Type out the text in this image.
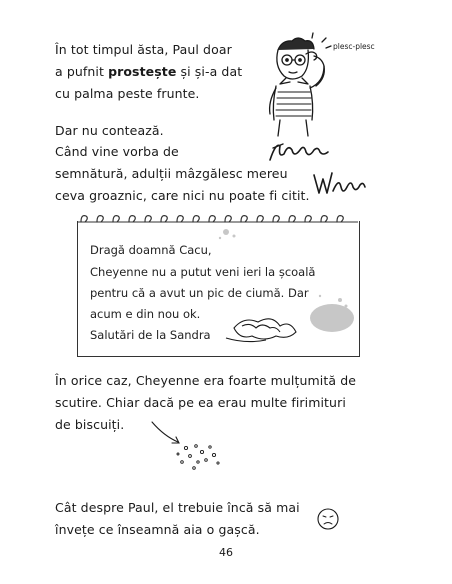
În tot timpul ăsta, Paul doar
a pufnit prostește și și-a dat
cu palma peste frunte.
plesc-plesc
Dar nu contează.
Când vine vorba de
semnătură, adulții mâzgălesc mereu
ceva groaznic, care nici nu poate fi citit.
Dragă doamnă Cacu,
Cheyenne nu a putut veni ieri la școală
pentru că a avut un pic de ciumă. Dar
acum e din nou ok.
Salutări de la Sandra
În orice caz, Cheyenne era foarte mulțumită de
scutire. Chiar dacă pe ea erau multe firimituri
de biscuiți.
Cât despre Paul, el trebuie încă să mai
învețe ce înseamnă aia o gașcă.
46
